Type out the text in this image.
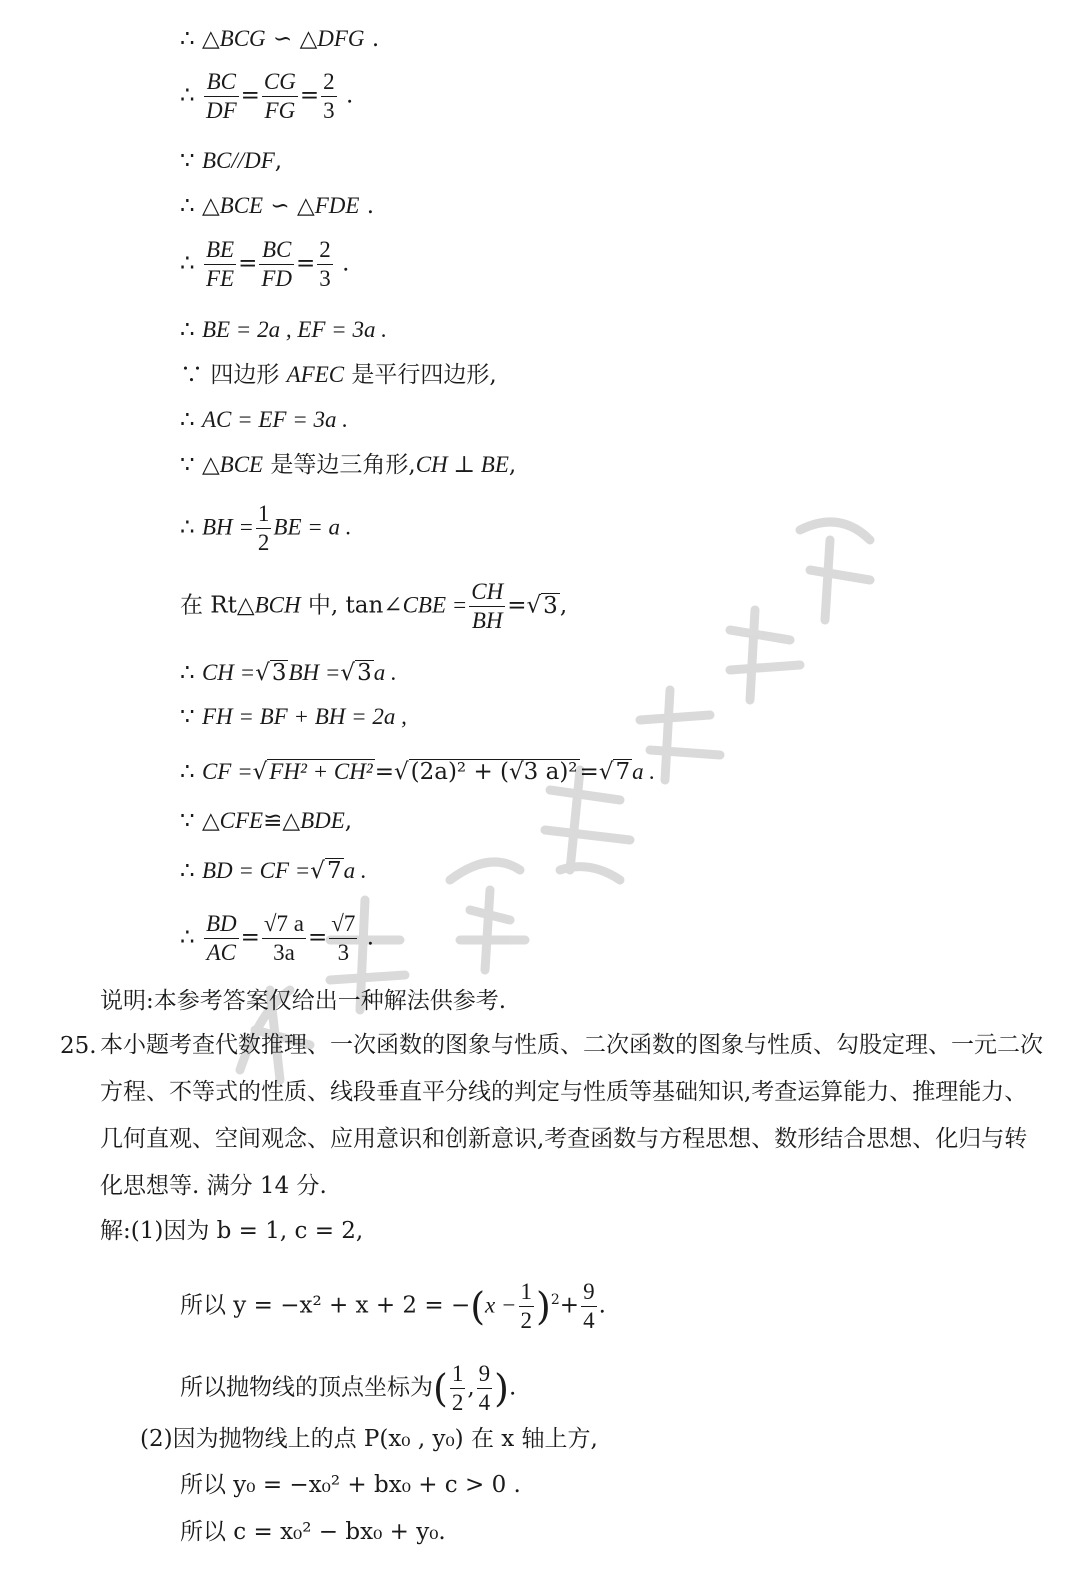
∴ △BCG ∽ △DFG .
∴ $\frac{BC}{DF} = \frac{CG}{FG} = \frac{2}{3}$ .
∵ BC//DF,
∴ △BCE ∽ △FDE .
∴ $\frac{BE}{FE} = \frac{BC}{FD} = \frac{2}{3}$ .
∴ BE = 2a , EF = 3a .
∵ 四边形 AFEC 是平行四边形,
∴ AC = EF = 3a .
∵ △BCE 是等边三角形,CH ⊥ BE,
∴ BH = $\frac{1}{2}$ BE = a .
在 Rt△BCH 中, tan∠CBE = $\frac{CH}{BH} =√3$,
∴ CH =√3BH =√3a .
∵ FH = BF + BH = 2a ,
∴ CF =√FH² + CH²=√(2a)² + (√3 a)²=√7a .
∵ △CFE≌△BDE,
∴ BD = CF =√7a .
∴ $\frac{BD}{AC} = \frac{√7 a}{3a} = \frac{√7}{3}$ .
说明:本参考答案仅给出一种解法供参考.
25. 本小题考查代数推理、一次函数的图象与性质、二次函数的图象与性质、勾股定理、一元二次方程、不等式的性质、线段垂直平分线的判定与性质等基础知识,考查运算能力、推理能力、几何直观、空间观念、应用意识和创新意识,考查函数与方程思想、数形结合思想、化归与转化思想等. 满分 14 分.
解:(1)因为 b = 1, c = 2,
所以 $y = -x^2 + x + 2 = -(x - \frac{1}{2} )^2+ \frac{9}{4}$ .
所以抛物线的顶点坐标为( $\frac{1}{2}$ , $\frac{9}{4}$ ).
(2)因为抛物线上的点 P(x₀ , y₀) 在 x 轴上方,
所以 y₀ = −x₀² + bx₀ + c > 0 .
所以 c = x₀² − bx₀ + y₀.
